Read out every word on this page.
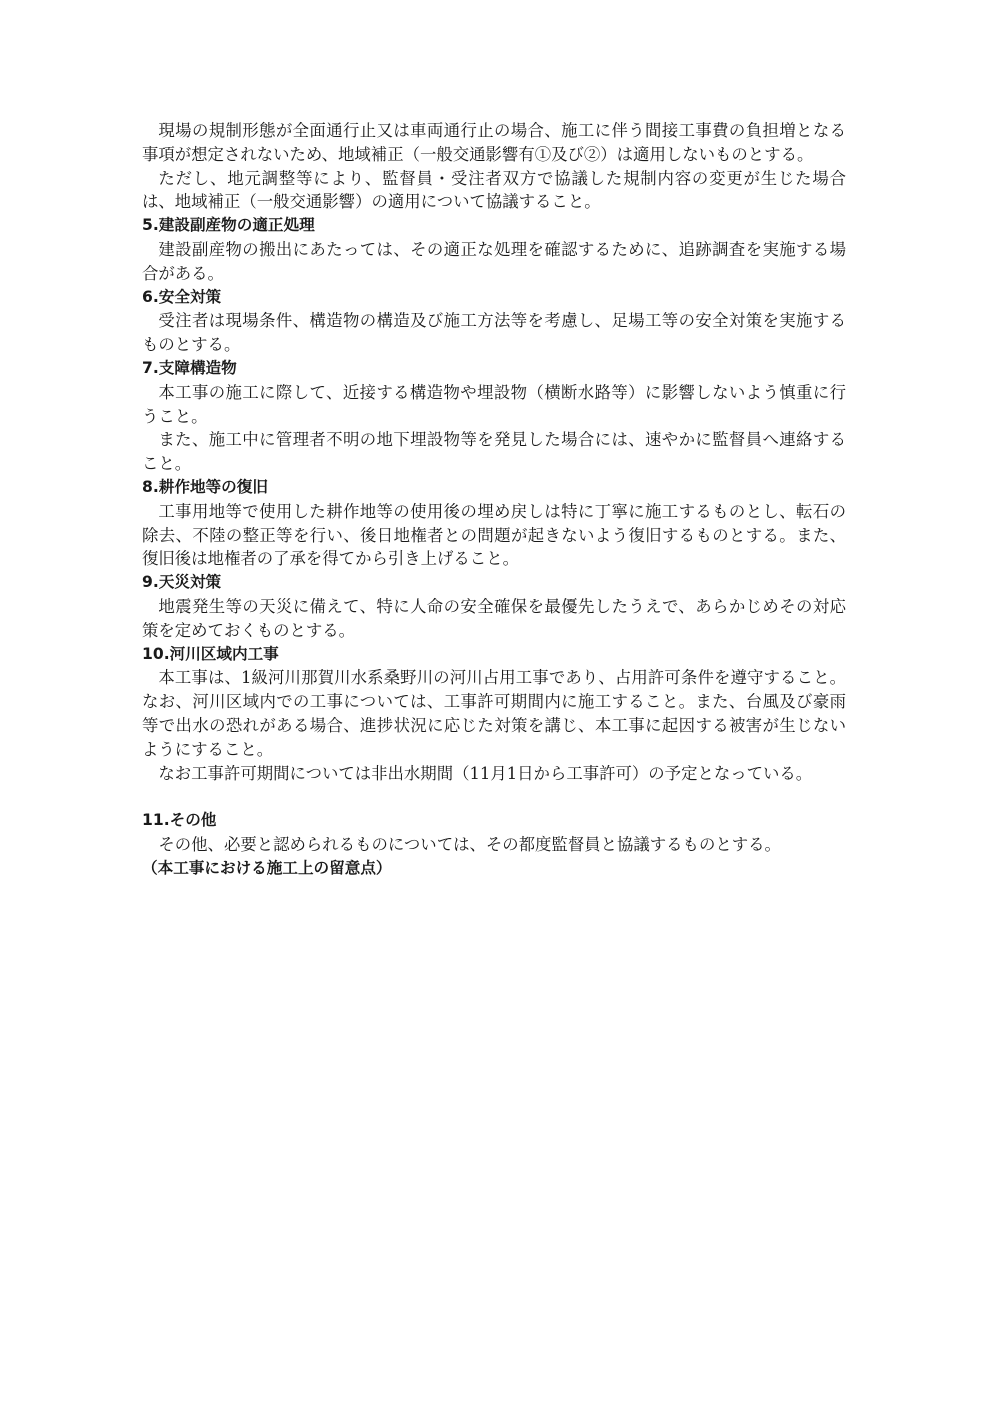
現場の規制形態が全面通行止又は車両通行止の場合、施工に伴う間接工事費の負担増となる事項が想定されないため、地域補正（一般交通影響有①及び②）は適用しないものとする。

ただし、地元調整等により、監督員・受注者双方で協議した規制内容の変更が生じた場合は、地域補正（一般交通影響）の適用について協議すること。

5.建設副産物の適正処理

建設副産物の搬出にあたっては、その適正な処理を確認するために、追跡調査を実施する場合がある。

6.安全対策

受注者は現場条件、構造物の構造及び施工方法等を考慮し、足場工等の安全対策を実施するものとする。

7.支障構造物

本工事の施工に際して、近接する構造物や埋設物（横断水路等）に影響しないよう慎重に行うこと。

また、施工中に管理者不明の地下埋設物等を発見した場合には、速やかに監督員へ連絡すること。

8.耕作地等の復旧

工事用地等で使用した耕作地等の使用後の埋め戻しは特に丁寧に施工するものとし、転石の除去、不陸の整正等を行い、後日地権者との問題が起きないよう復旧するものとする。また、復旧後は地権者の了承を得てから引き上げること。

9.天災対策

地震発生等の天災に備えて、特に人命の安全確保を最優先したうえで、あらかじめその対応策を定めておくものとする。

10.河川区域内工事

本工事は、1級河川那賀川水系桑野川の河川占用工事であり、占用許可条件を遵守すること。なお、河川区域内での工事については、工事許可期間内に施工すること。また、台風及び豪雨等で出水の恐れがある場合、進捗状況に応じた対策を講じ、本工事に起因する被害が生じないようにすること。

なお工事許可期間については非出水期間（11月1日から工事許可）の予定となっている。

11.その他

その他、必要と認められるものについては、その都度監督員と協議するものとする。

（本工事における施工上の留意点）
